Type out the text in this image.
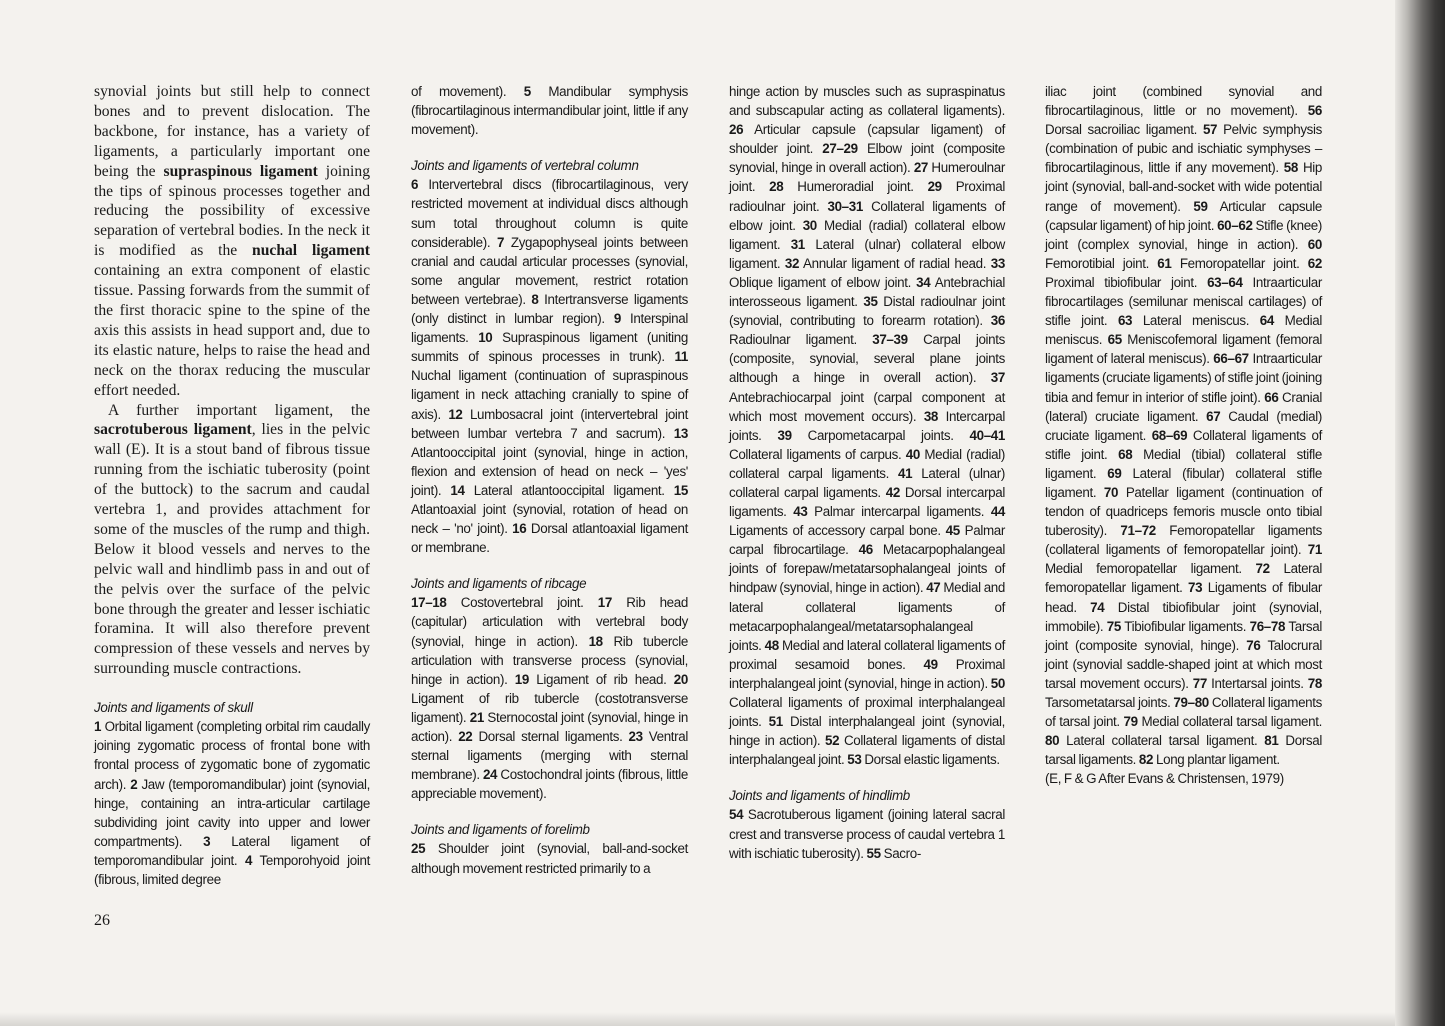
synovial joints but still help to connect bones and to prevent dislocation. The backbone, for instance, has a variety of ligaments, a particularly important one being the supraspinous ligament joining the tips of spinous processes together and reducing the possibility of excessive separation of vertebral bodies. In the neck it is modified as the nuchal ligament containing an extra component of elastic tissue. Passing forwards from the summit of the first thoracic spine to the spine of the axis this assists in head support and, due to its elastic nature, helps to raise the head and neck on the thorax reducing the muscular effort needed.

A further important ligament, the sacrotuberous ligament, lies in the pelvic wall (E). It is a stout band of fibrous tissue running from the ischiatic tuberosity (point of the buttock) to the sacrum and caudal vertebra 1, and provides attachment for some of the muscles of the rump and thigh. Below it blood vessels and nerves to the pelvic wall and hindlimb pass in and out of the pelvis over the surface of the pelvic bone through the greater and lesser ischiatic foramina. It will also therefore prevent compression of these vessels and nerves by surrounding muscle contractions.

Joints and ligaments of skull

1 Orbital ligament (completing orbital rim caudally joining zygomatic process of frontal bone with frontal process of zygomatic bone of zygomatic arch). 2 Jaw (temporomandibular) joint (synovial, hinge, containing an intra-articular cartilage subdividing joint cavity into upper and lower compartments). 3 Lateral ligament of temporomandibular joint. 4 Temporohyoid joint (fibrous, limited degree

of movement). 5 Mandibular symphysis (fibrocartilaginous intermandibular joint, little if any movement).

Joints and ligaments of vertebral column

6 Intervertebral discs (fibrocartilaginous, very restricted movement at individual discs although sum total throughout column is quite considerable). 7 Zygapophyseal joints between cranial and caudal articular processes (synovial, some angular movement, restrict rotation between vertebrae). 8 Intertransverse ligaments (only distinct in lumbar region). 9 Interspinal ligaments. 10 Supraspinous ligament (uniting summits of spinous processes in trunk). 11 Nuchal ligament (continuation of supraspinous ligament in neck attaching cranially to spine of axis). 12 Lumbosacral joint (intervertebral joint between lumbar vertebra 7 and sacrum). 13 Atlantooccipital joint (synovial, hinge in action, flexion and extension of head on neck – 'yes' joint). 14 Lateral atlantooccipital ligament. 15 Atlantoaxial joint (synovial, rotation of head on neck – 'no' joint). 16 Dorsal atlantoaxial ligament or membrane.

Joints and ligaments of ribcage

17–18 Costovertebral joint. 17 Rib head (capitular) articulation with vertebral body (synovial, hinge in action). 18 Rib tubercle articulation with transverse process (synovial, hinge in action). 19 Ligament of rib head. 20 Ligament of rib tubercle (costotransverse ligament). 21 Sternocostal joint (synovial, hinge in action). 22 Dorsal sternal ligaments. 23 Ventral sternal ligaments (merging with sternal membrane). 24 Costochondral joints (fibrous, little appreciable movement).

Joints and ligaments of forelimb

25 Shoulder joint (synovial, ball-and-socket although movement restricted primarily to a

hinge action by muscles such as supraspinatus and subscapular acting as collateral ligaments). 26 Articular capsule (capsular ligament) of shoulder joint. 27–29 Elbow joint (composite synovial, hinge in overall action). 27 Humeroulnar joint. 28 Humeroradial joint. 29 Proximal radioulnar joint. 30–31 Collateral ligaments of elbow joint. 30 Medial (radial) collateral elbow ligament. 31 Lateral (ulnar) collateral elbow ligament. 32 Annular ligament of radial head. 33 Oblique ligament of elbow joint. 34 Antebrachial interosseous ligament. 35 Distal radioulnar joint (synovial, contributing to forearm rotation). 36 Radioulnar ligament. 37–39 Carpal joints (composite, synovial, several plane joints although a hinge in overall action). 37 Antebrachiocarpal joint (carpal component at which most movement occurs). 38 Intercarpal joints. 39 Carpometacarpal joints. 40–41 Collateral ligaments of carpus. 40 Medial (radial) collateral carpal ligaments. 41 Lateral (ulnar) collateral carpal ligaments. 42 Dorsal intercarpal ligaments. 43 Palmar intercarpal ligaments. 44 Ligaments of accessory carpal bone. 45 Palmar carpal fibrocartilage. 46 Metacarpophalangeal joints of forepaw/metatarsophalangeal joints of hindpaw (synovial, hinge in action). 47 Medial and lateral collateral ligaments of metacarpophalangeal/metatarsophalangeal joints. 48 Medial and lateral collateral ligaments of proximal sesamoid bones. 49 Proximal interphalangeal joint (synovial, hinge in action). 50 Collateral ligaments of proximal interphalangeal joints. 51 Distal interphalangeal joint (synovial, hinge in action). 52 Collateral ligaments of distal interphalangeal joint. 53 Dorsal elastic ligaments.

Joints and ligaments of hindlimb

54 Sacrotuberous ligament (joining lateral sacral crest and transverse process of caudal vertebra 1 with ischiatic tuberosity). 55 Sacro-

iliac joint (combined synovial and fibrocartilaginous, little or no movement). 56 Dorsal sacroiliac ligament. 57 Pelvic symphysis (combination of pubic and ischiatic symphyses – fibrocartilaginous, little if any movement). 58 Hip joint (synovial, ball-and-socket with wide potential range of movement). 59 Articular capsule (capsular ligament) of hip joint. 60–62 Stifle (knee) joint (complex synovial, hinge in action). 60 Femorotibial joint. 61 Femoropatellar joint. 62 Proximal tibiofibular joint. 63–64 Intraarticular fibrocartilages (semilunar meniscal cartilages) of stifle joint. 63 Lateral meniscus. 64 Medial meniscus. 65 Meniscofemoral ligament (femoral ligament of lateral meniscus). 66–67 Intraarticular ligaments (cruciate ligaments) of stifle joint (joining tibia and femur in interior of stifle joint). 66 Cranial (lateral) cruciate ligament. 67 Caudal (medial) cruciate ligament. 68–69 Collateral ligaments of stifle joint. 68 Medial (tibial) collateral stifle ligament. 69 Lateral (fibular) collateral stifle ligament. 70 Patellar ligament (continuation of tendon of quadriceps femoris muscle onto tibial tuberosity). 71–72 Femoropatellar ligaments (collateral ligaments of femoropatellar joint). 71 Medial femoropatellar ligament. 72 Lateral femoropatellar ligament. 73 Ligaments of fibular head. 74 Distal tibiofibular joint (synovial, immobile). 75 Tibiofibular ligaments. 76–78 Tarsal joint (composite synovial, hinge). 76 Talocrural joint (synovial saddle-shaped joint at which most tarsal movement occurs). 77 Intertarsal joints. 78 Tarsometatarsal joints. 79–80 Collateral ligaments of tarsal joint. 79 Medial collateral tarsal ligament. 80 Lateral collateral tarsal ligament. 81 Dorsal tarsal ligaments. 82 Long plantar ligament.

(E, F & G After Evans & Christensen, 1979)

26
